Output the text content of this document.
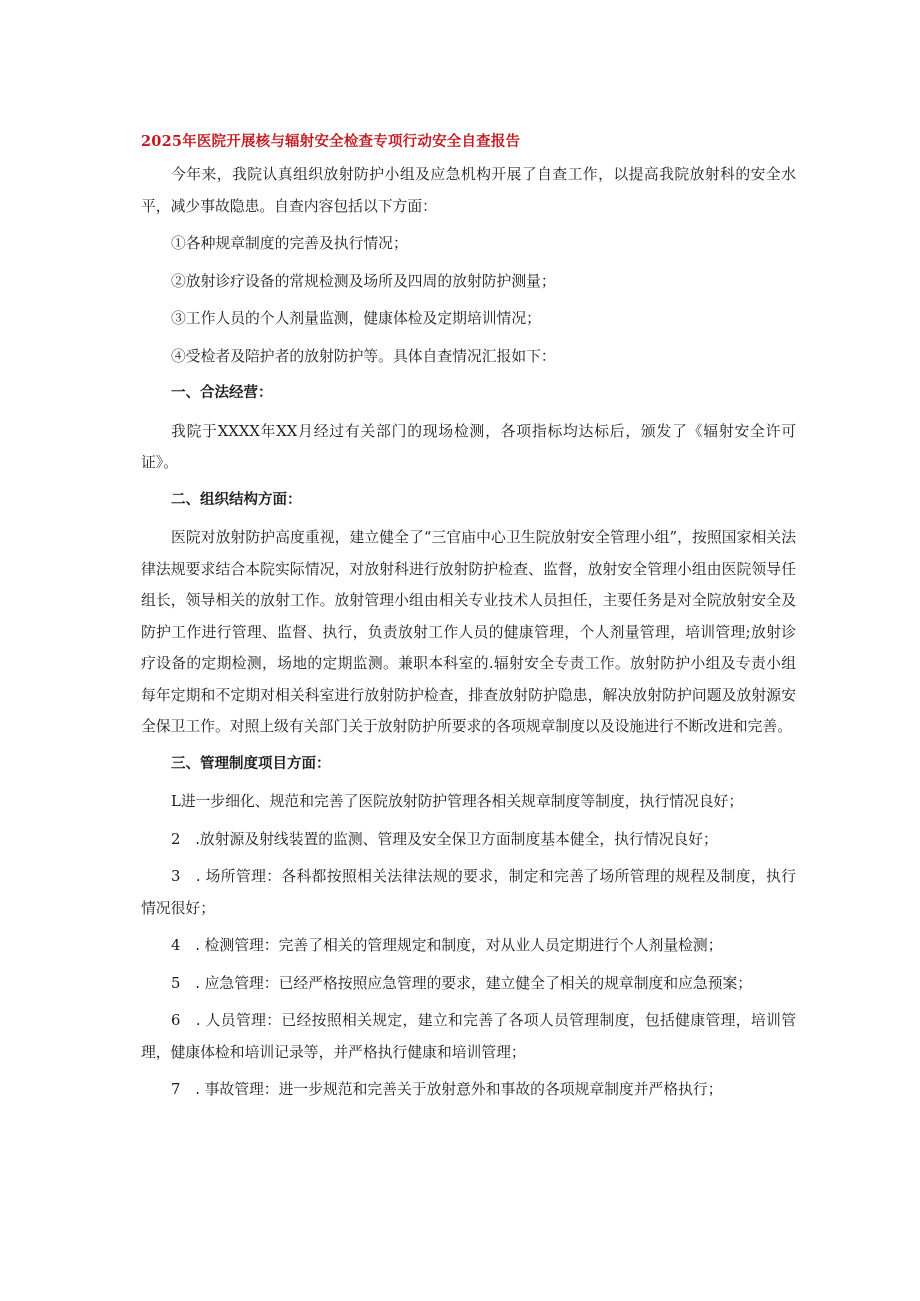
2025年医院开展核与辐射安全检查专项行动安全自查报告

今年来，我院认真组织放射防护小组及应急机构开展了自查工作，以提高我院放射科的安全水平，减少事故隐患。自查内容包括以下方面：

①各种规章制度的完善及执行情况；

②放射诊疗设备的常规检测及场所及四周的放射防护测量；

③工作人员的个人剂量监测，健康体检及定期培训情况；

④受检者及陪护者的放射防护等。具体自查情况汇报如下：

一、合法经营：

我院于XXXX年XX月经过有关部门的现场检测，各项指标均达标后，颁发了《辐射安全许可证》。

二、组织结构方面：

医院对放射防护高度重视，建立健全了“三官庙中心卫生院放射安全管理小组”，按照国家相关法律法规要求结合本院实际情况，对放射科进行放射防护检查、监督，放射安全管理小组由医院领导任组长，领导相关的放射工作。放射管理小组由相关专业技术人员担任，主要任务是对全院放射安全及防护工作进行管理、监督、执行，负责放射工作人员的健康管理，个人剂量管理，培训管理;放射诊疗设备的定期检测，场地的定期监测。兼职本科室的.辐射安全专责工作。放射防护小组及专责小组每年定期和不定期对相关科室进行放射防护检查，排查放射防护隐患，解决放射防护问题及放射源安全保卫工作。对照上级有关部门关于放射防护所要求的各项规章制度以及设施进行不断改进和完善。

三、管理制度项目方面：

L进一步细化、规范和完善了医院放射防护管理各相关规章制度等制度，执行情况良好；

2　.放射源及射线装置的监测、管理及安全保卫方面制度基本健全，执行情况良好；

3　. 场所管理：各科都按照相关法律法规的要求，制定和完善了场所管理的规程及制度，执行情况很好；

4　. 检测管理：完善了相关的管理规定和制度，对从业人员定期进行个人剂量检测；

5　. 应急管理：已经严格按照应急管理的要求，建立健全了相关的规章制度和应急预案；

6　. 人员管理：已经按照相关规定，建立和完善了各项人员管理制度，包括健康管理，培训管理，健康体检和培训记录等，并严格执行健康和培训管理；

7　. 事故管理：进一步规范和完善关于放射意外和事故的各项规章制度并严格执行；
